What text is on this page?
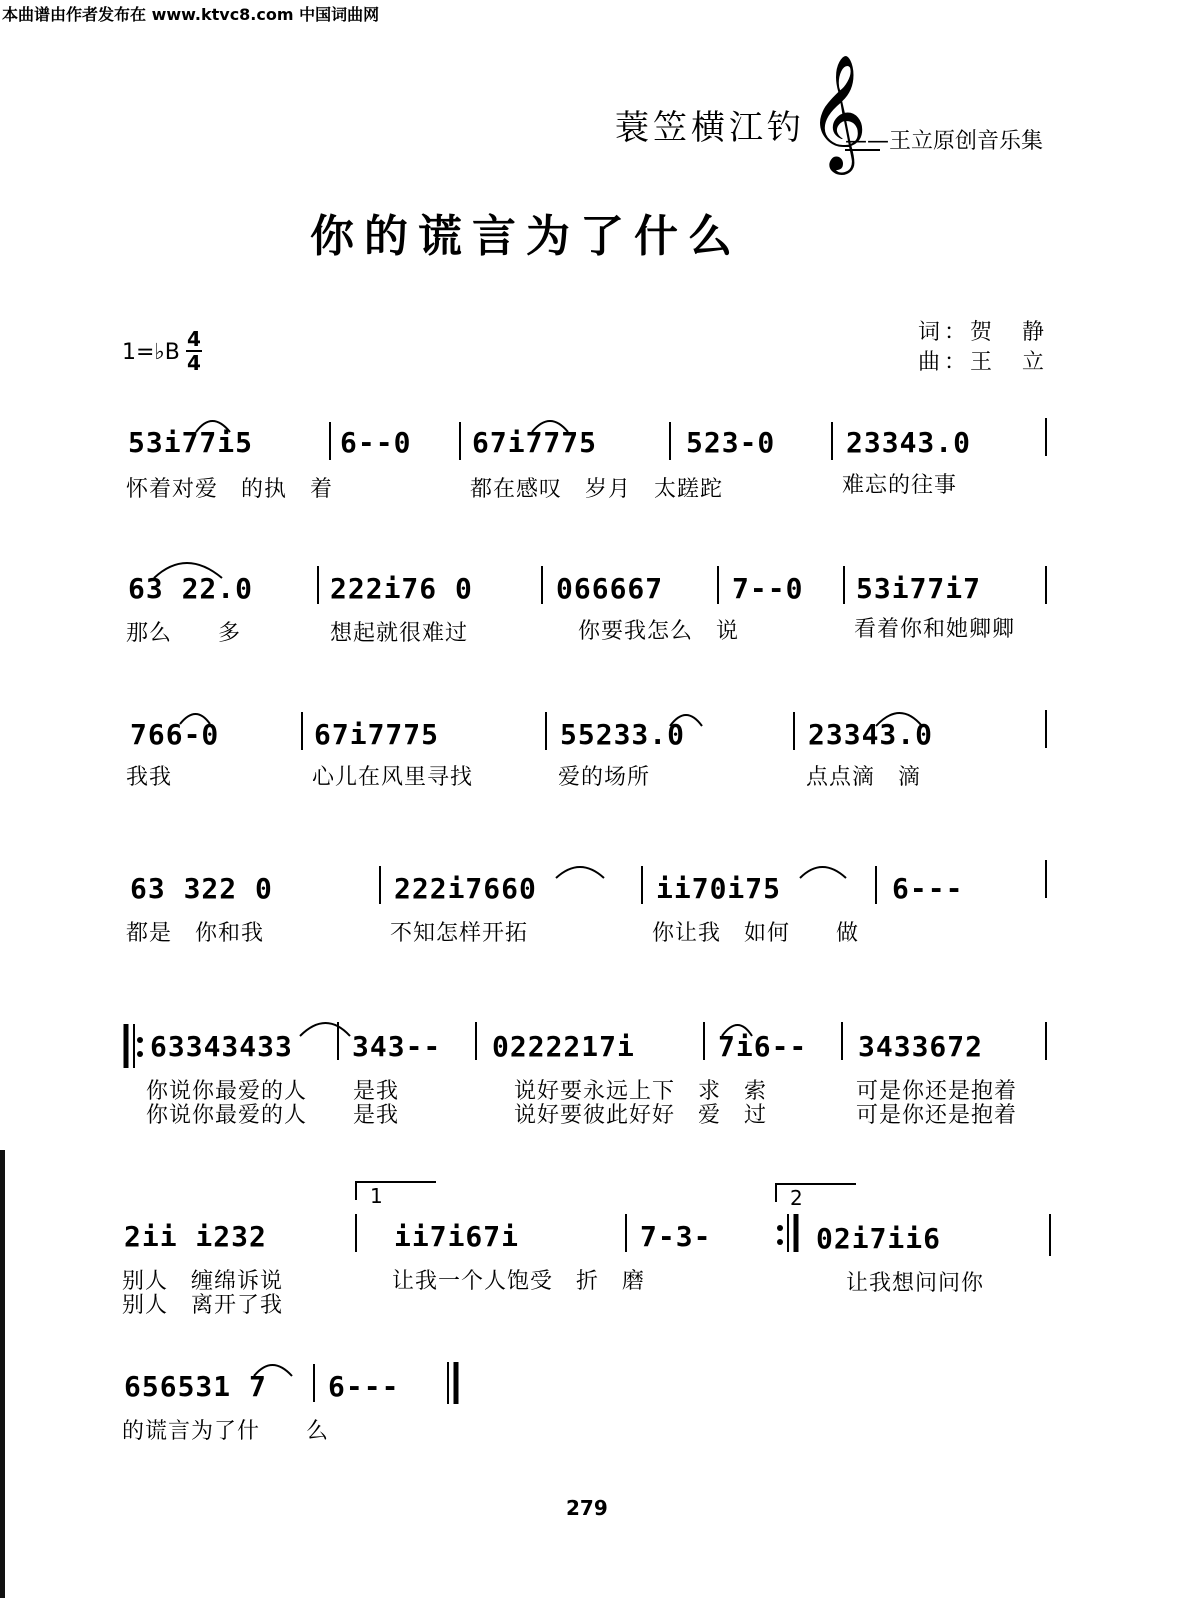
本曲谱由作者发布在 www.ktvc8.com 中国词曲网
蓑笠横江钓 𝄞
——王立原创音乐集
你的谎言为了什么
1=♭B
4
4
词：贺　静
曲：王　立
53i77i5	6--0 67i7775	523-0	23343.0
怀着对爱　的执　着	都在感叹　岁月　太蹉跎	难忘的往事
63 22.0	222i76 0	066667 7--0 53i77i7
那么　　多	想起就很难过	你要我怎么　说	看着你和她卿卿
766-0	67i7775	55233.0	23343.0
我我	心儿在风里寻找	爱的场所	点点滴　滴
63 322 0	222i7660	ii70i75	6---
都是　你和我	不知怎样开拓	你让我　如何　　做
63343433 343-- 0222217i	7i6-- 3433672
你说你最爱的人　　是我	说好要永远上下　求　索	可是你还是抱着
你说你最爱的人　　是我	说好要彼此好好　爱　过	可是你还是抱着
1	2
2ii i232	ii7i67i	7-3-	02i7ii6
别人　缠绵诉说	让我一个人饱受　折　磨	让我想问问你
别人　离开了我
656531 7 6---
的谎言为了什　　么
279
